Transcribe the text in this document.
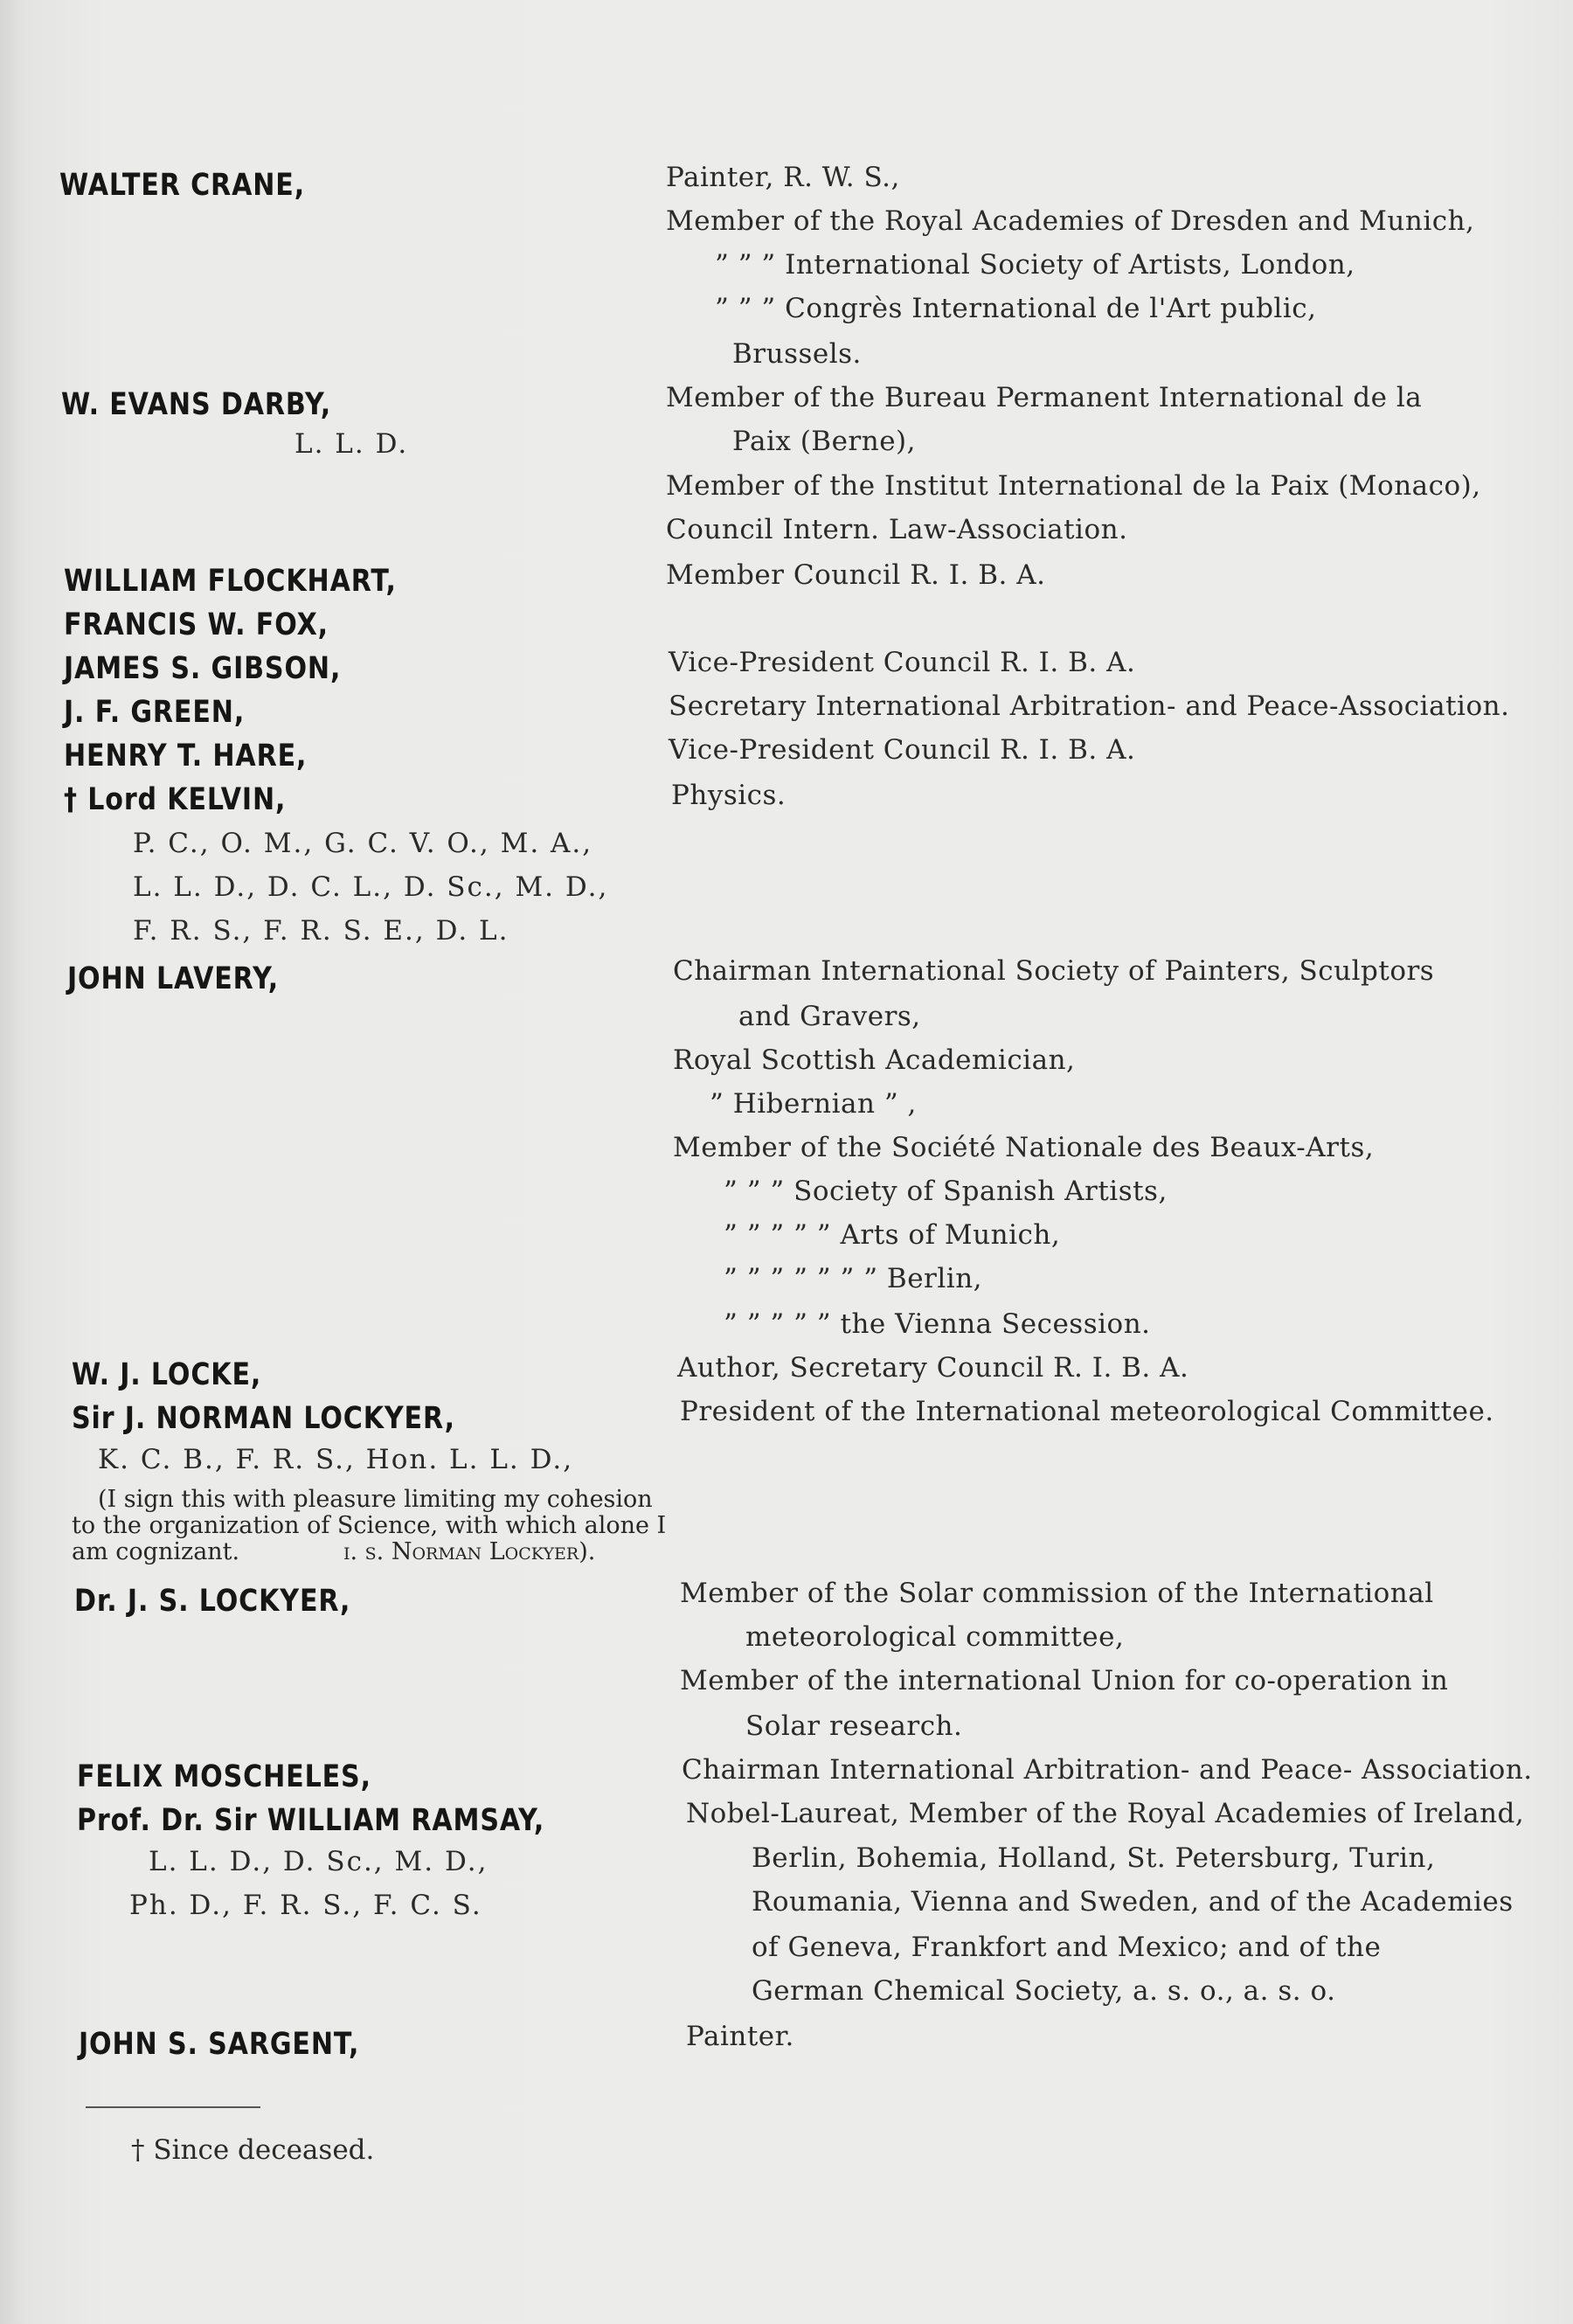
WALTER CRANE,
W. EVANS DARBY,
WILLIAM FLOCKHART,
FRANCIS W. FOX,
JAMES S. GIBSON,
J. F. GREEN,
HENRY T. HARE,
† Lord KELVIN,
JOHN LAVERY,
W. J. LOCKE,
Sir J. NORMAN LOCKYER,
Dr. J. S. LOCKYER,
FELIX MOSCHELES,
Prof. Dr. Sir WILLIAM RAMSAY,
JOHN S. SARGENT,
L. L. D.
P. C., O. M., G. C. V. O., M. A.,
L. L. D., D. C. L., D. Sc., M. D.,
F. R. S., F. R. S. E., D. L.
K. C. B., F. R. S., Hon. L. L. D.,
L. L. D., D. Sc., M. D.,
Ph. D., F. R. S., F. C. S.
(I sign this with pleasure limiting my cohesion
to the organization of Science, with which alone I
am cognizant.	i. s. Norman Lockyer).
Painter, R. W. S.,
Member of the Royal Academies of Dresden and Munich,
” ” ” International Society of Artists, London,
” ” ” Congrès International de l'Art public,
Brussels.
Member of the Bureau Permanent International de la
Paix (Berne),
Member of the Institut International de la Paix (Monaco),
Council Intern. Law-Association.
Member Council R. I. B. A.
Vice-President Council R. I. B. A.
Secretary International Arbitration- and Peace-Association.
Vice-President Council R. I. B. A.
Physics.
Chairman International Society of Painters, Sculptors
and Gravers,
Royal Scottish Academician,
” Hibernian ” ,
Member of the Société Nationale des Beaux-Arts,
” ” ” Society of Spanish Artists,
” ” ” ” ” Arts of Munich,
” ” ” ” ” ” ” Berlin,
” ” ” ” ” the Vienna Secession.
Author, Secretary Council R. I. B. A.
President of the International meteorological Committee.
Member of the Solar commission of the International
meteorological committee,
Member of the international Union for co-operation in
Solar research.
Chairman International Arbitration- and Peace- Association.
Nobel-Laureat, Member of the Royal Academies of Ireland,
Berlin, Bohemia, Holland, St. Petersburg, Turin,
Roumania, Vienna and Sweden, and of the Academies
of Geneva, Frankfort and Mexico; and of the
German Chemical Society, a. s. o., a. s. o.
Painter.
† Since deceased.
